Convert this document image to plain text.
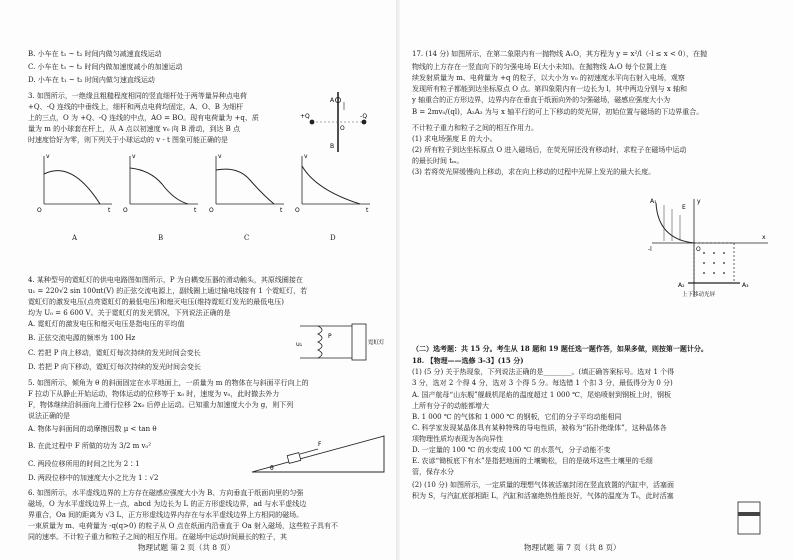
+Q	-Q
A
O
B
v
t
O
v
t
O
v
t
O
v
t
O
A	B	C	D
u₁
P
霓虹灯
F
θ
物理试题 第 2 页（共 8 页）
B. 小车在 t₁ ~ t₂ 时间内做匀减速直线运动
C. 小车在 t₁ ~ t₂ 时间内做加速度减小的加速运动
D. 小车在 t₁ ~ t₂ 时间内做匀速直线运动
3. 如图所示，一绝缘且粗糙程度相同的竖直细杆处于两等量异种点电荷
+Q、-Q 连线的中垂线上，细杆和两点电荷均固定，A、O、B 为细杆
上的三点，O 为 +Q、-Q 连线的中点，AO = BO。现有电荷量为 +q、质
量为 m 的小球套在杆上，从 A 点以初速度 v₀ 向 B 滑动，到达 B 点
时速度恰好为零，则下列关于小球运动的 v - t 图象可能正确的是
4. 某种型号的霓虹灯的供电电路图如图所示，P 为自耦变压器的滑动触头，其原线圈接在
u₁ = 220√2 sin 100πt(V) 的正弦交流电源上，副线圈上通过输电线接有 1 个霓虹灯，若
霓虹灯的激发电压(点亮霓虹灯的最低电压)和熄灭电压(维持霓虹灯发光的最低电压)
均为 U₀ = 6 600 V。关于霓虹灯的发光情况，下列说法正确的是
A. 霓虹灯的激发电压和熄灭电压是指电压的平均值
B. 正弦交流电源的频率为 100 Hz
C. 若把 P 向上移动，霓虹灯每次持续的发光时间会变长
D. 若把 P 向下移动，霓虹灯每次持续的发光时间会变长
5. 如图所示，倾角为 θ 的斜面固定在水平地面上，一质量为 m 的物体在与斜面平行向上的
F 拉动下从静止开始运动，物体运动的位移等于 x₀ 时，速度为 v₀，此时撤去外力
F，物体继续沿斜面向上滑行位移 2x₀ 后停止运动。已知重力加速度大小为 g，则下列
说法正确的是
A. 物体与斜面间的动摩擦因数 μ < tan θ
B. 在此过程中 F 所做的功为 3/2 m v₀²
C. 两段位移所用的时间之比为 2∶1
D. 两段位移中的加速度大小之比为 1∶√2
6. 如图所示，水平虚线边界的上方存在磁感应强度大小为 B、方向垂直于纸面向里的匀强
磁场，O 为水平虚线边界上一点，abcd 为边长为 L 的正方形虚线边界，ad 与水平虚线边
界重合，Oa 间的距离为 √3 L，正方形虚线边界内存在与水平虚线边界上方相同的磁场。
一束质量为 m、电荷量为 -q(q>0) 的粒子从 O 点在纸面内沿垂直于 Oa 射入磁场，这些粒子具有不
同的速率。不计粒子重力和粒子之间的相互作用。在磁场中运动时间最长的粒子，其
A₁
E
y
x
O
-l
A₂	A₃
上下移动光屏
物理试题 第 7 页（共 8 页）
17. (14 分) 如图所示，在第二象限内有一抛物线 A₁O，其方程为 y = x²/l（-l ≤ x < 0），在抛
物线的上方存在一竖直向下的匀强电场 E(大小未知)。在抛物线 A₁O 每个位置上连
续发射质量为 m、电荷量为 +q 的粒子，以大小为 v₀ 的初速度水平向右射入电场，观察
发现所有粒子都能到达坐标原点 O 点。第四象限内有一边长为 l，其中两边分别与 x 轴和
y 轴重合的正方形边界，边界内存在垂直于纸面向外的匀强磁场，磁感应强度大小为
B = 2mv₀/(ql)，A₂A₃ 为与 x 轴平行的可上下移动的荧光屏，初始位置与磁场的下边界重合。
不计粒子重力和粒子之间的相互作用力。
(1) 求电场强度 E 的大小。
(2) 所有粒子到达坐标原点 O 进入磁场后，在荧光屏还没有移动时，求粒子在磁场中运动
的最长时间 tₘ。
(3) 若将荧光屏缓慢向上移动，求在向上移动的过程中光屏上发光的最大长度。
（二）选考题：共 15 分。考生从 18 题和 19 题任选一题作答，如果多做，则按第一题计分。
18. 【物理——选修 3-3】(15 分)
(1) (5 分) 关于热现象，下列说法正确的是________。(填正确答案标号。选对 1 个得
3 分，选对 2 个得 4 分，选对 3 个得 5 分。每选错 1 个扣 3 分，最低得分为 0 分)
A. 国产航母“山东舰”舰载机尾焰的温度超过 1 000 ℃，尾焰喷射到钢板上时，钢板
上所有分子的动能都增大
B. 1 000 ℃ 的气体和 1 000 ℃ 的钢板，它们的分子平均动能相同
C. 科学家发现某晶体具有某种特殊的导电性质，被称为“拓扑绝缘体”，这种晶体各
项物理性质均表现为各向异性
D. 一定量的 100 ℃ 的水变成 100 ℃ 的水蒸气，分子动能不变
E. 农谚“锄板底下有水”是指把地面的土壤锄松，目的是破坏这些土壤里的毛细
管，保存水分
(2) (10 分) 如图所示，一定质量的理想气体被活塞封闭在竖直放置的汽缸中，活塞面
积为 S，与汽缸底部相距 L，汽缸和活塞绝热性能良好，气体的温度为 T₀，此时活塞
